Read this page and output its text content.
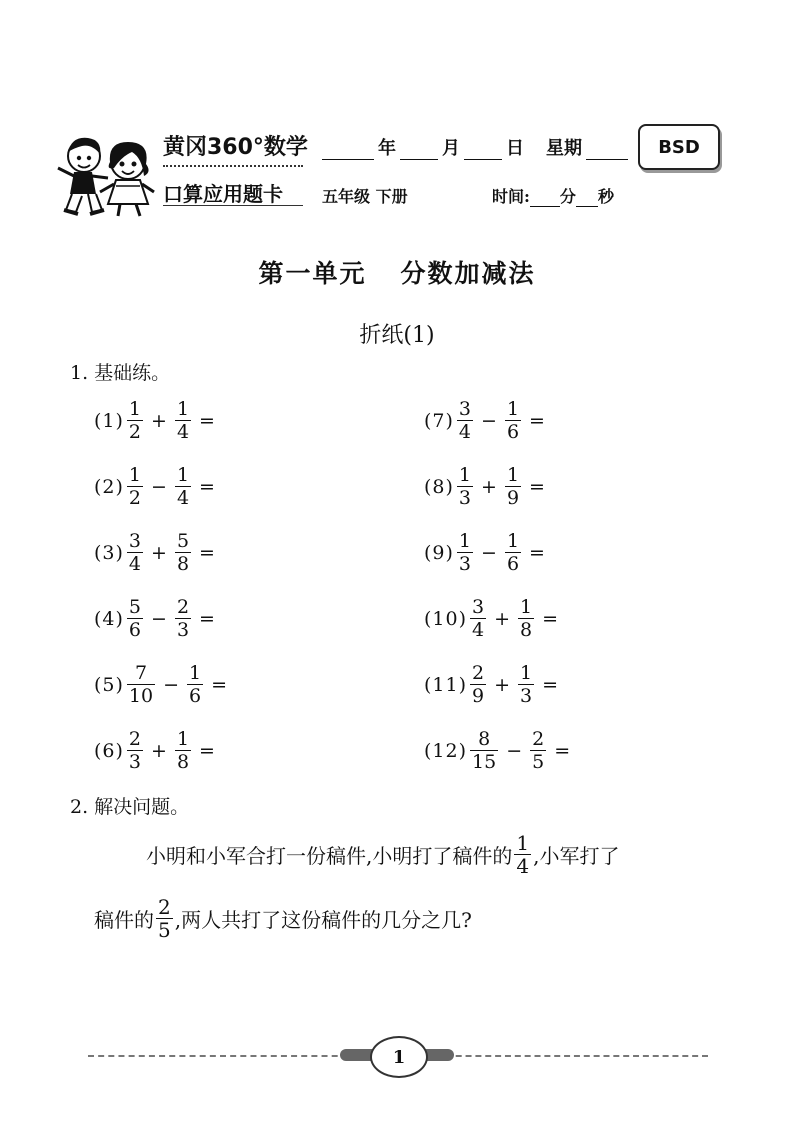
黄冈360°数学
口算应用题卡
年	月	日 星期	BSD
五年级 下册	时间: 分 秒
第一单元 分数加减法
折纸(1)
1. 基础练。
$(1) \frac{1}{2} + \frac{1}{4}$ =
$(2) \frac{1}{2} - \frac{1}{4}$ =
$(3) \frac{3}{4} + \frac{5}{8}$ =
$(4) \frac{5}{6} - \frac{2}{3}$ =
$(5) \frac{7}{10} - \frac{1}{6}$ =
$(6) \frac{2}{3} + \frac{1}{8}$ =
$(7) \frac{3}{4} - \frac{1}{6}$ =
$(8) \frac{1}{3} + \frac{1}{9}$ =
$(9) \frac{1}{3} - \frac{1}{6}$ =
$(10) \frac{3}{4} + \frac{1}{8}$ =
$(11) \frac{2}{9} + \frac{1}{3}$ =
$(12) \frac{8}{15} - \frac{2}{5}$ =
2. 解决问题。
小明和小军合打一份稿件,小明打了稿件的 $\frac{1}{4}$ ,小军打了
稿件的 $\frac{2}{5}$ ,两人共打了这份稿件的几分之几?
1
